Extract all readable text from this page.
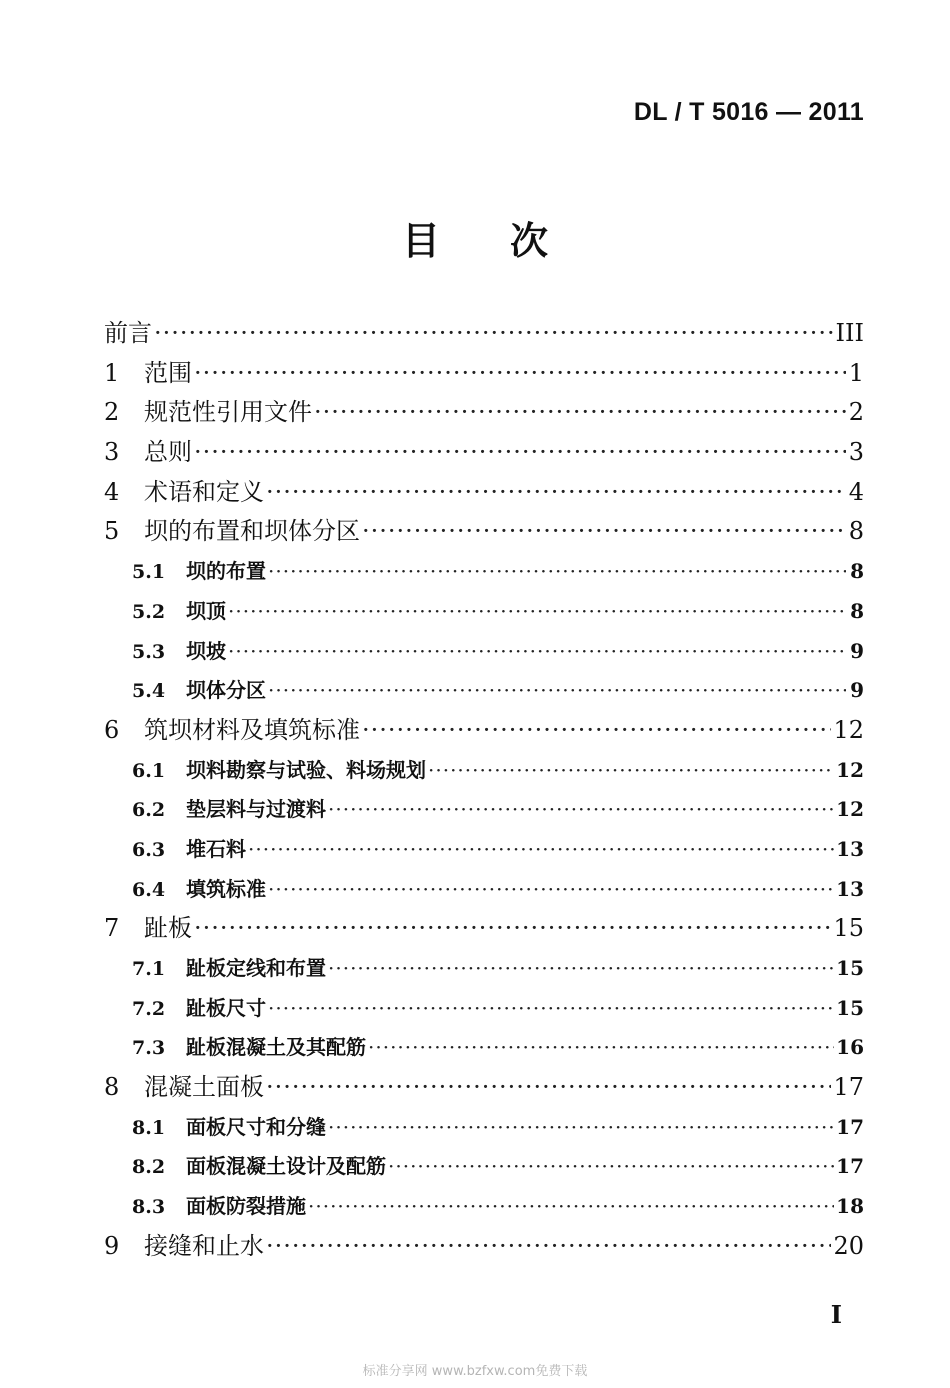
DL / T 5016 — 2011
目 次
前言 ·····	III
1	范围 ·····	1
2	规范性引用文件 ·····	2
3	总则 ·····	3
4	术语和定义 ·····	4
5	坝的布置和坝体分区 ·····	8
5.1	坝的布置 ·····	8
5.2	坝顶 ·····	8
5.3	坝坡 ·····	9
5.4	坝体分区 ·····	9
6	筑坝材料及填筑标准 ·····	12
6.1	坝料勘察与试验、料场规划 ·····	12
6.2	垫层料与过渡料 ·····	12
6.3	堆石料 ·····	13
6.4	填筑标准 ·····	13
7	趾板 ·····	15
7.1	趾板定线和布置 ·····	15
7.2	趾板尺寸 ·····	15
7.3	趾板混凝土及其配筋 ·····	16
8	混凝土面板 ·····	17
8.1	面板尺寸和分缝 ·····	17
8.2	面板混凝土设计及配筋 ·····	17
8.3	面板防裂措施 ·····	18
9	接缝和止水 ·····	20
I
标准分享网 www.bzfxw.com免费下载
